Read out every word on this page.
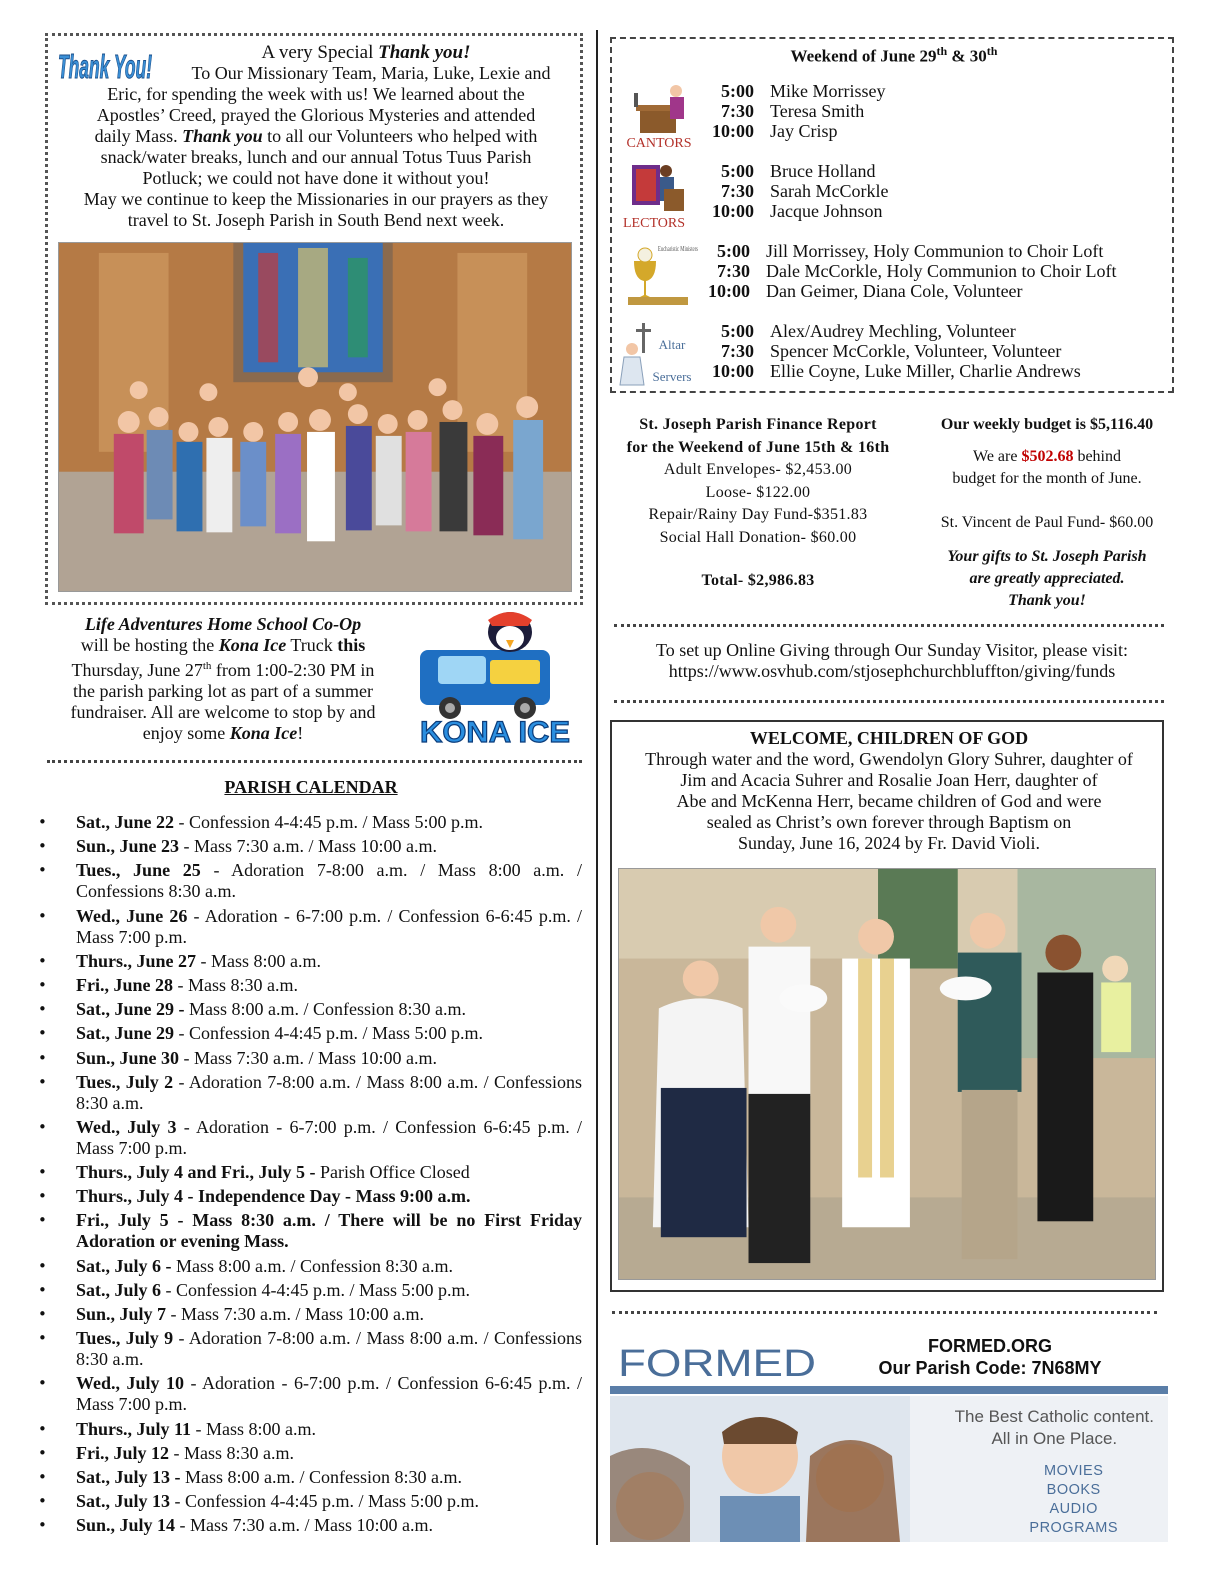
Thank You!	A very Special Thank you!
To Our Missionary Team, Maria, Luke, Lexie and
Eric, for spending the week with us! We learned about the
Apostles’ Creed, prayed the Glorious Mysteries and attended
daily Mass. Thank you to all our Volunteers who helped with
snack/water breaks, lunch and our annual Totus Tuus Parish
Potluck; we could not have done it without you!
May we continue to keep the Missionaries in our prayers as they
travel to St. Joseph Parish in South Bend next week.
Life Adventures Home School Co-Op
will be hosting the Kona Ice Truck this
Thursday, June 27th from 1:00-2:30 PM in
the parish parking lot as part of a summer
fundraiser. All are welcome to stop by and
enjoy some Kona Ice!	KONA ICE
PARISH CALENDAR
• Sat., June 22 - Confession 4-4:45 p.m. / Mass 5:00 p.m.
• Sun., June 23 - Mass 7:30 a.m. / Mass 10:00 a.m.
• Tues., June 25 - Adoration 7-8:00 a.m. / Mass 8:00 a.m. / Confessions 8:30 a.m.
• Wed., June 26 - Adoration - 6-7:00 p.m. / Confession 6-6:45 p.m. / Mass 7:00 p.m.
• Thurs., June 27 - Mass 8:00 a.m.
• Fri., June 28 - Mass 8:30 a.m.
• Sat., June 29 - Mass 8:00 a.m. / Confession 8:30 a.m.
• Sat., June 29 - Confession 4-4:45 p.m. / Mass 5:00 p.m.
• Sun., June 30 - Mass 7:30 a.m. / Mass 10:00 a.m.
• Tues., July 2 - Adoration 7-8:00 a.m. / Mass 8:00 a.m. / Confessions 8:30 a.m.
• Wed., July 3 - Adoration - 6-7:00 p.m. / Confession 6-6:45 p.m. / Mass 7:00 p.m.
• Thurs., July 4 and Fri., July 5 - Parish Office Closed
• Thurs., July 4 - Independence Day - Mass 9:00 a.m.
• Fri., July 5 - Mass 8:30 a.m. / There will be no First Friday Adoration or evening Mass.
• Sat., July 6 - Mass 8:00 a.m. / Confession 8:30 a.m.
• Sat., July 6 - Confession 4-4:45 p.m. / Mass 5:00 p.m.
• Sun., July 7 - Mass 7:30 a.m. / Mass 10:00 a.m.
• Tues., July 9 - Adoration 7-8:00 a.m. / Mass 8:00 a.m. / Confessions 8:30 a.m.
• Wed., July 10 - Adoration - 6-7:00 p.m. / Confession 6-6:45 p.m. / Mass 7:00 p.m.
• Thurs., July 11 - Mass 8:00 a.m.
• Fri., July 12 - Mass 8:30 a.m.
• Sat., July 13 - Mass 8:00 a.m. / Confession 8:30 a.m.
• Sat., July 13 - Confession 4-4:45 p.m. / Mass 5:00 p.m.
• Sun., July 14 - Mass 7:30 a.m. / Mass 10:00 a.m.
Weekend of June 29th & 30th
CANTORS
5:00 Mike Morrissey
7:30 Teresa Smith
10:00 Jay Crisp
LECTORS
5:00 Bruce Holland
7:30 Sarah McCorkle
10:00 Jacque Johnson
Eucharistic Ministers	5:00 Jill Morrissey, Holy Communion to Choir Loft
7:30 Dale McCorkle, Holy Communion to Choir Loft
10:00 Dan Geimer, Diana Cole, Volunteer
Altar
Servers
5:00 Alex/Audrey Mechling, Volunteer
7:30 Spencer McCorkle, Volunteer, Volunteer
10:00 Ellie Coyne, Luke Miller, Charlie Andrews
St. Joseph Parish Finance Report
for the Weekend of June 15th & 16th
Adult Envelopes- $2,453.00
Loose- $122.00
Repair/Rainy Day Fund-$351.83
Social Hall Donation- $60.00
Total- $2,986.83
Our weekly budget is $5,116.40
We are $502.68 behind
budget for the month of June.
St. Vincent de Paul Fund- $60.00
Your gifts to St. Joseph Parish
are greatly appreciated.
Thank you!
To set up Online Giving through Our Sunday Visitor, please visit:
https://www.osvhub.com/stjosephchurchbluffton/giving/funds
WELCOME, CHILDREN OF GOD
Through water and the word, Gwendolyn Glory Suhrer, daughter of
Jim and Acacia Suhrer and Rosalie Joan Herr, daughter of
Abe and McKenna Herr, became children of God and were
sealed as Christ’s own forever through Baptism on
Sunday, June 16, 2024 by Fr. David Violi.
FORMED	FORMED.ORG
Our Parish Code: 7N68MY
The Best Catholic content.
All in One Place.
MOVIES
BOOKS
AUDIO
PROGRAMS
